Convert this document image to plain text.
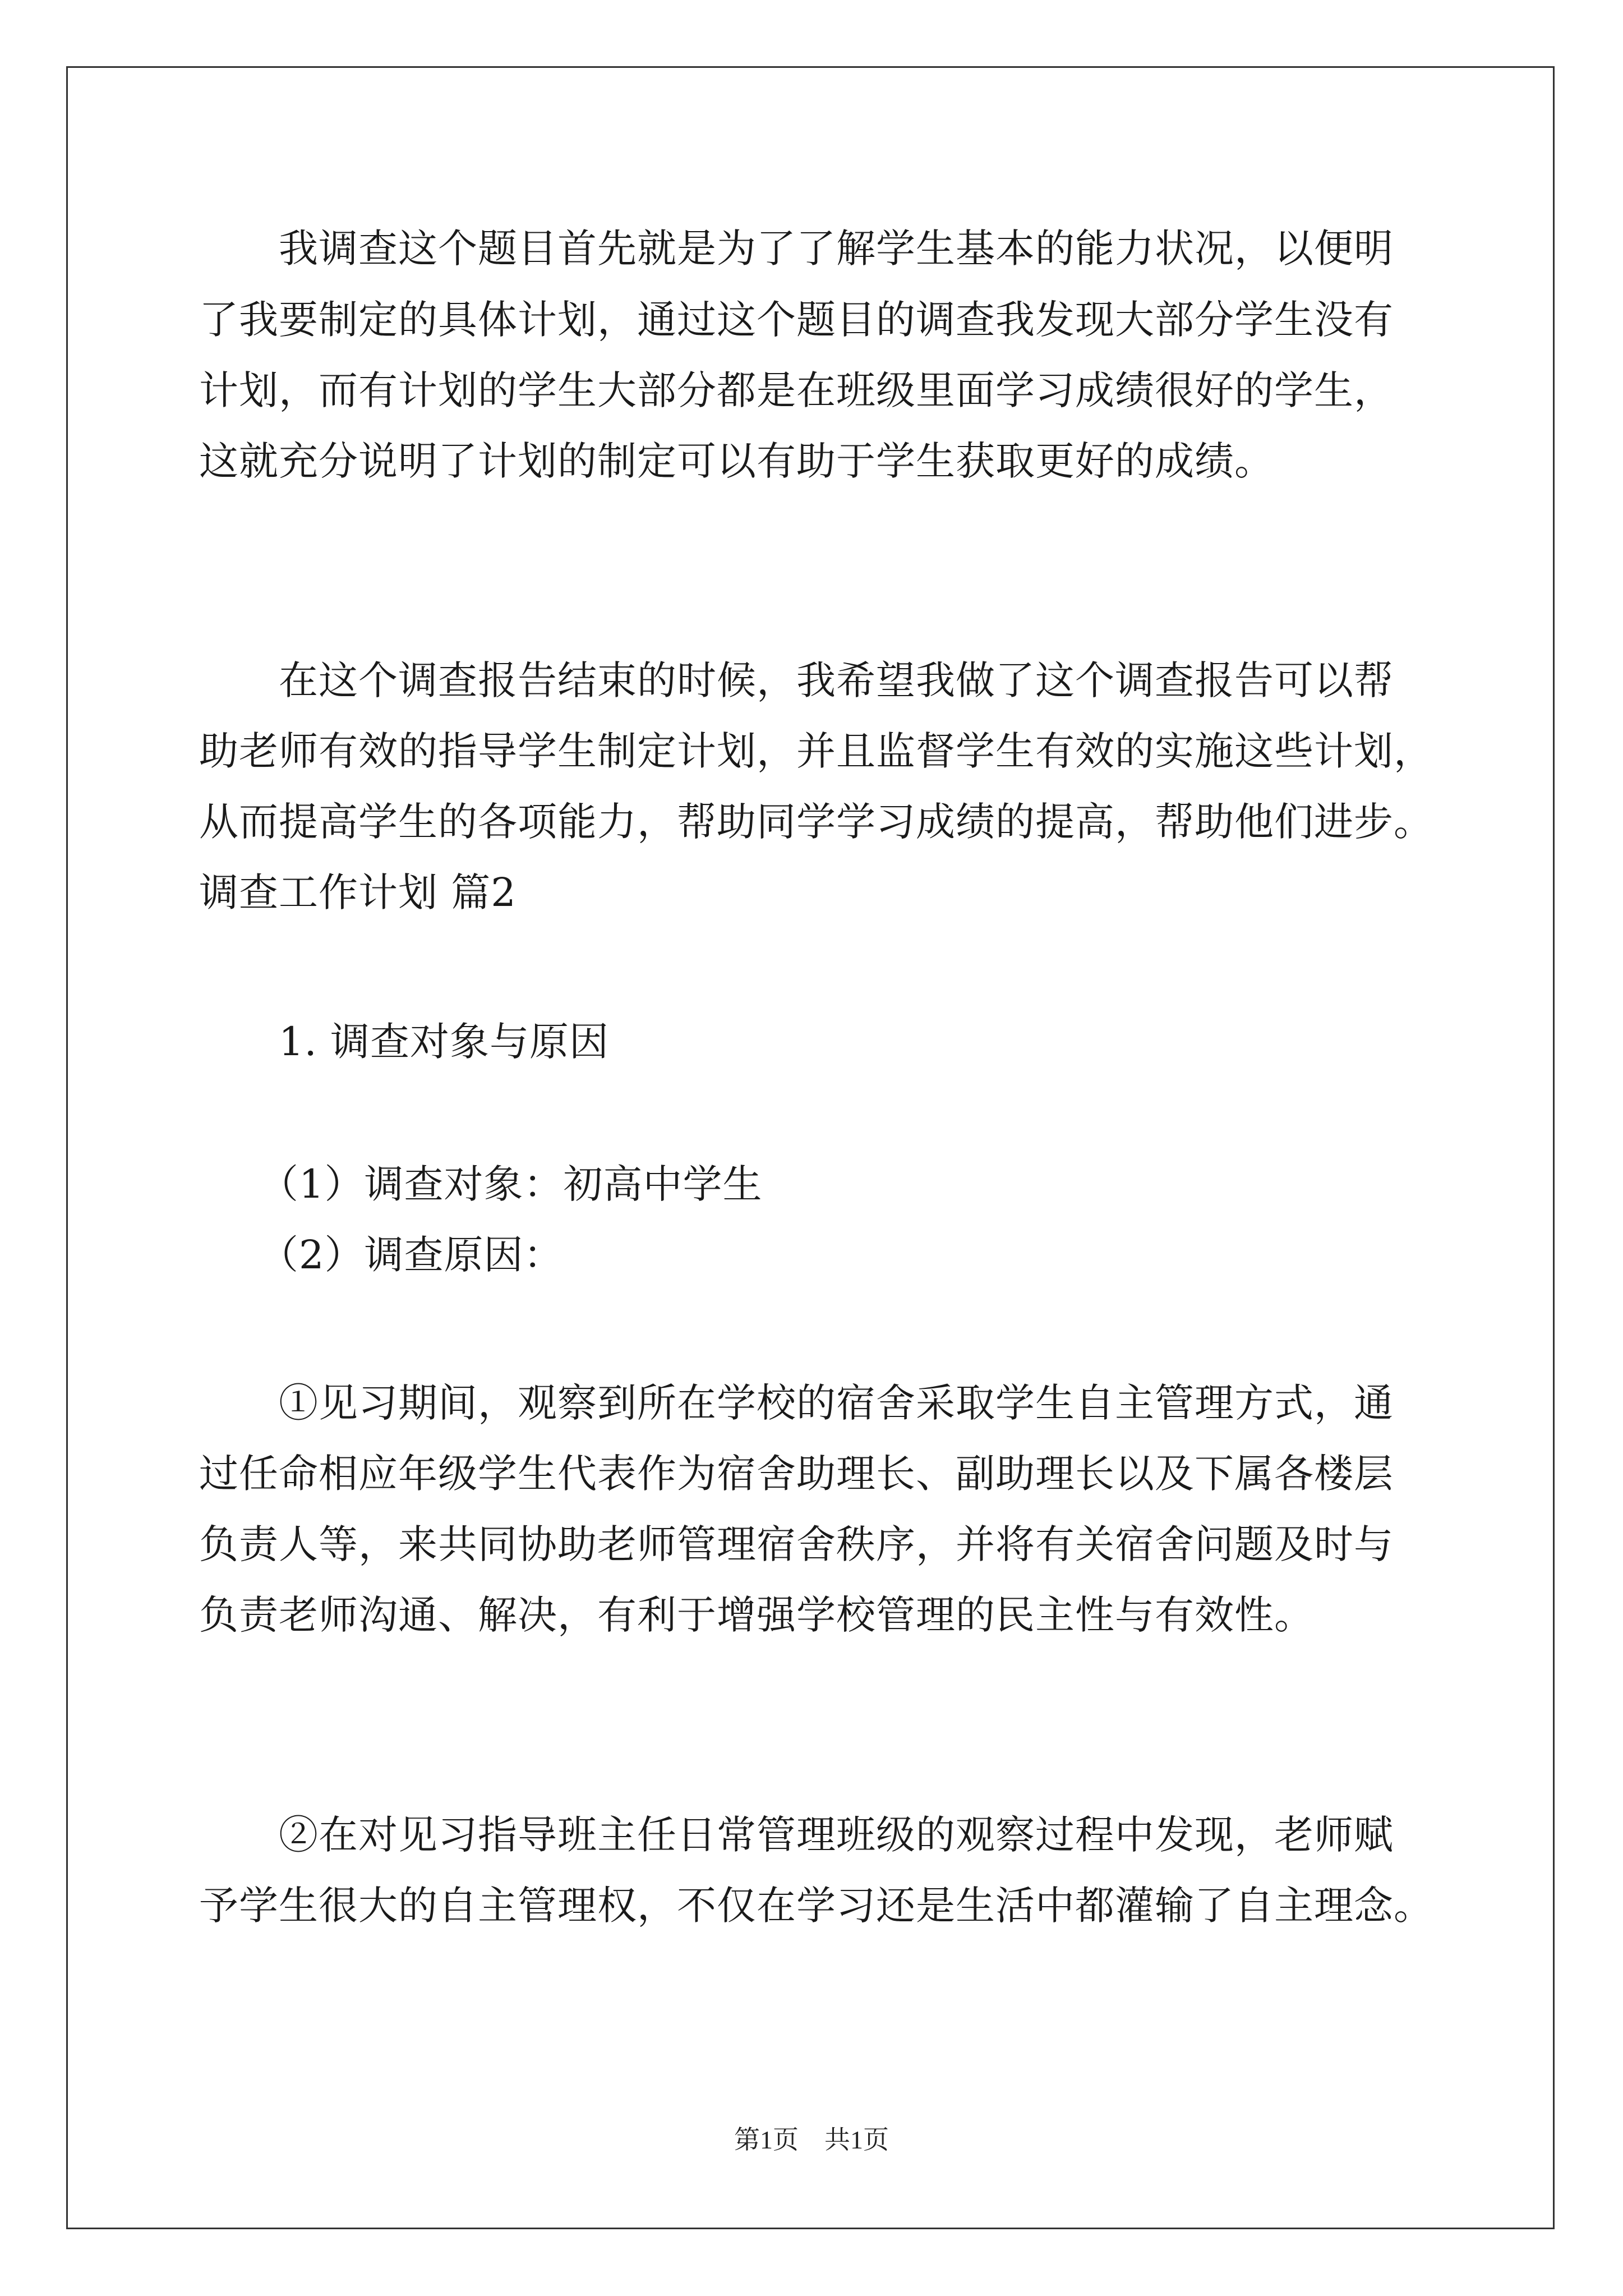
　　我调查这个题目首先就是为了了解学生基本的能力状况，以便明
了我要制定的具体计划，通过这个题目的调查我发现大部分学生没有
计划，而有计划的学生大部分都是在班级里面学习成绩很好的学生，
这就充分说明了计划的制定可以有助于学生获取更好的成绩。
　　在这个调查报告结束的时候，我希望我做了这个调查报告可以帮
助老师有效的指导学生制定计划，并且监督学生有效的实施这些计划，
从而提高学生的各项能力，帮助同学学习成绩的提高，帮助他们进步。
调查工作计划 篇2
　　1. 调查对象与原因
　　（1）调查对象：初高中学生
　　（2）调查原因：
　　①见习期间，观察到所在学校的宿舍采取学生自主管理方式，通
过任命相应年级学生代表作为宿舍助理长、副助理长以及下属各楼层
负责人等，来共同协助老师管理宿舍秩序，并将有关宿舍问题及时与
负责老师沟通、解决，有利于增强学校管理的民主性与有效性。
　　②在对见习指导班主任日常管理班级的观察过程中发现，老师赋
予学生很大的自主管理权，不仅在学习还是生活中都灌输了自主理念。
第1页　共1页
